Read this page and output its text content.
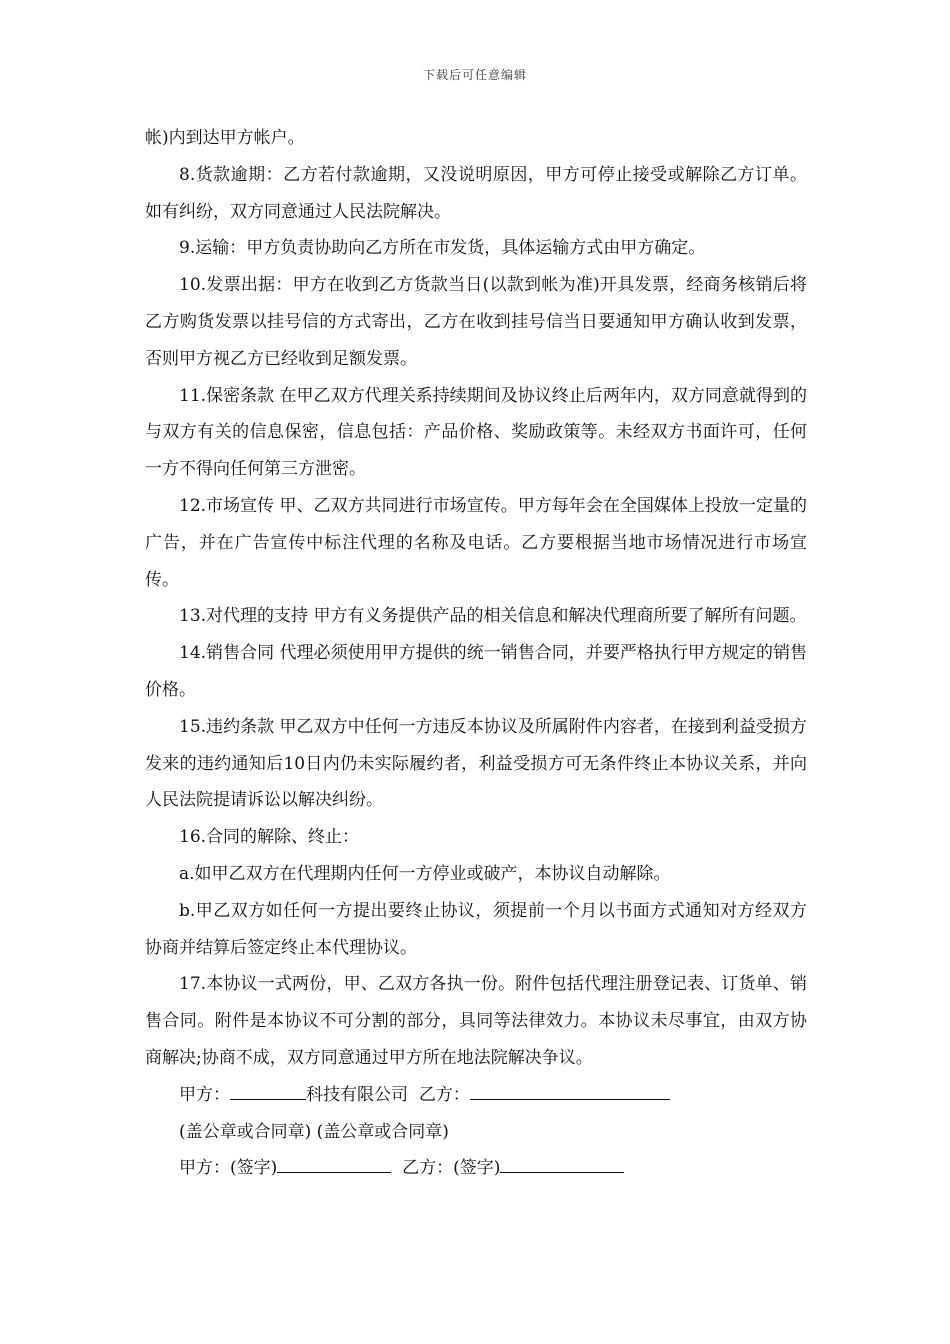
下载后可任意编辑

帐)内到达甲方帐户。

8.货款逾期：乙方若付款逾期，又没说明原因，甲方可停止接受或解除乙方订单。如有纠纷，双方同意通过人民法院解决。

9.运输：甲方负责协助向乙方所在市发货，具体运输方式由甲方确定。

10.发票出据：甲方在收到乙方货款当日(以款到帐为准)开具发票，经商务核销后将乙方购货发票以挂号信的方式寄出，乙方在收到挂号信当日要通知甲方确认收到发票，否则甲方视乙方已经收到足额发票。

11.保密条款 在甲乙双方代理关系持续期间及协议终止后两年内，双方同意就得到的与双方有关的信息保密，信息包括：产品价格、奖励政策等。未经双方书面许可，任何一方不得向任何第三方泄密。

12.市场宣传 甲、乙双方共同进行市场宣传。甲方每年会在全国媒体上投放一定量的广告，并在广告宣传中标注代理的名称及电话。乙方要根据当地市场情况进行市场宣传。

13.对代理的支持 甲方有义务提供产品的相关信息和解决代理商所要了解所有问题。

14.销售合同 代理必须使用甲方提供的统一销售合同，并要严格执行甲方规定的销售价格。

15.违约条款 甲乙双方中任何一方违反本协议及所属附件内容者，在接到利益受损方发来的违约通知后10日内仍未实际履约者，利益受损方可无条件终止本协议关系，并向人民法院提请诉讼以解决纠纷。

16.合同的解除、终止：

a.如甲乙双方在代理期内任何一方停业或破产，本协议自动解除。

b.甲乙双方如任何一方提出要终止协议，须提前一个月以书面方式通知对方经双方协商并结算后签定终止本代理协议。

17.本协议一式两份，甲、乙双方各执一份。附件包括代理注册登记表、订货单、销售合同。附件是本协议不可分割的部分，具同等法律效力。本协议未尽事宜，由双方协商解决;协商不成，双方同意通过甲方所在地法院解决争议。

甲方：	科技有限公司 乙方：

(盖公章或合同章) (盖公章或合同章)

甲方：(签字)	乙方：(签字)
